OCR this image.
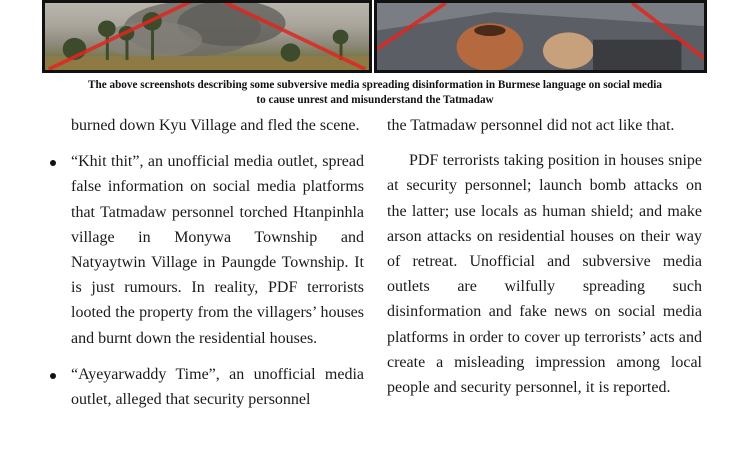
The above screenshots describing some subversive media spreading disinformation in Burmese language on social media
to cause unrest and misunderstand the Tatmadaw

burned down Kyu Village and fled the scene.

“Khit thit”, an unofficial media outlet, spread false information on social media platforms that Tatmadaw personnel torched Htanpinhla village in Monywa Township and Natyaytwin Village in Paungde Township. It is just rumours. In reality, PDF terrorists looted the property from the villagers’ houses and burnt down the residential houses.
“Ayeyarwaddy Time”, an unofficial media outlet, alleged that security personnel

the Tatmadaw personnel did not act like that.

PDF terrorists taking position in houses snipe at security personnel; launch bomb attacks on the latter; use locals as human shield; and make arson attacks on residential houses on their way of retreat. Unofficial and subversive media outlets are wilfully spreading such disinformation and fake news on social media platforms in order to cover up terrorists’ acts and create a misleading impression among local people and security personnel, it is reported.
